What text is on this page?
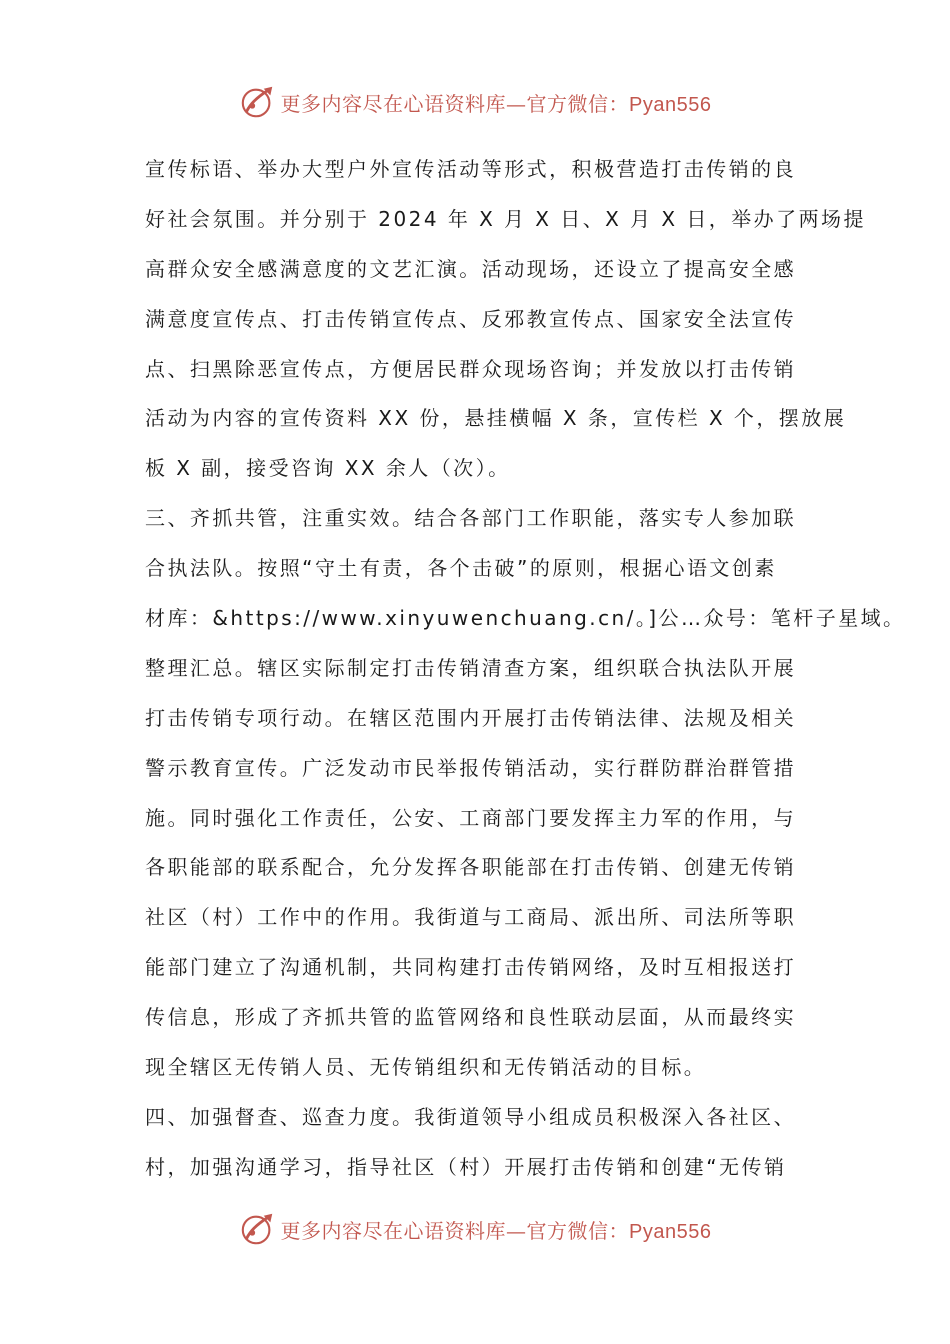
更多内容尽在心语资料库—官方微信：Pyan556
宣传标语、举办大型户外宣传活动等形式，积极营造打击传销的良
好社会氛围。并分别于 2024 年 X 月 X 日、X 月 X 日，举办了两场提
高群众安全感满意度的文艺汇演。活动现场，还设立了提高安全感
满意度宣传点、打击传销宣传点、反邪教宣传点、国家安全法宣传
点、扫黑除恶宣传点，方便居民群众现场咨询；并发放以打击传销
活动为内容的宣传资料 XX 份，悬挂横幅 X 条，宣传栏 X 个，摆放展
板 X 副，接受咨询 XX 余人（次）。
三、齐抓共管，注重实效。结合各部门工作职能，落实专人参加联
合执法队。按照“守土有责，各个击破”的原则，根据心语文创素
材库：&https://www.xinyuwenchuang.cn/。]公…众号：笔杆子星域。
整理汇总。辖区实际制定打击传销清查方案，组织联合执法队开展
打击传销专项行动。在辖区范围内开展打击传销法律、法规及相关
警示教育宣传。广泛发动市民举报传销活动，实行群防群治群管措
施。同时强化工作责任，公安、工商部门要发挥主力军的作用，与
各职能部的联系配合，允分发挥各职能部在打击传销、创建无传销
社区（村）工作中的作用。我街道与工商局、派出所、司法所等职
能部门建立了沟通机制，共同构建打击传销网络，及时互相报送打
传信息，形成了齐抓共管的监管网络和良性联动层面，从而最终实
现全辖区无传销人员、无传销组织和无传销活动的目标。
四、加强督查、巡查力度。我街道领导小组成员积极深入各社区、
村，加强沟通学习，指导社区（村）开展打击传销和创建“无传销
更多内容尽在心语资料库—官方微信：Pyan556
